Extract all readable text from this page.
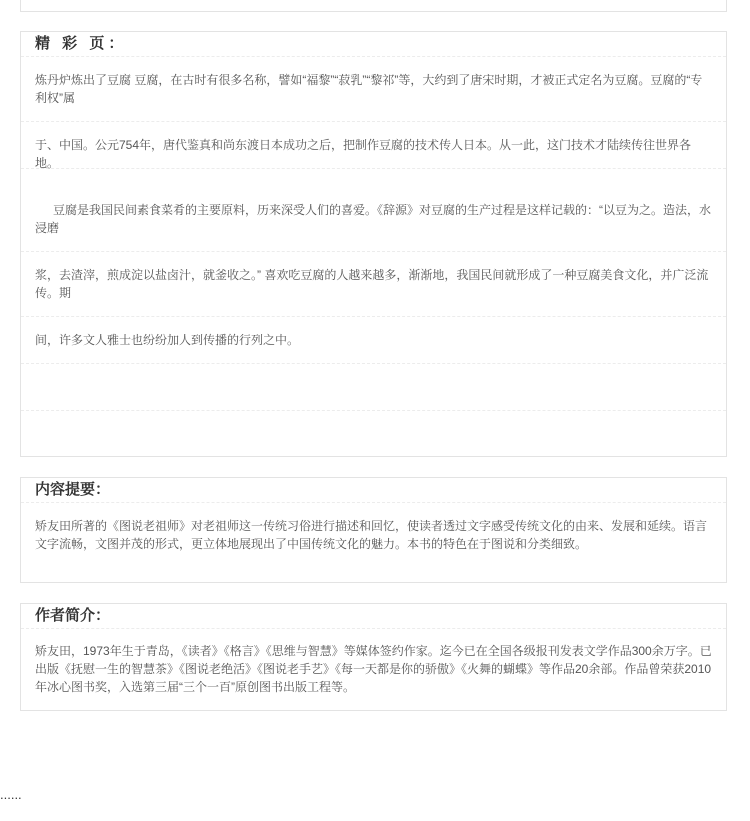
精 彩 页：
炼丹炉炼出了豆腐 豆腐，在古时有很多名称，譬如“福黎”“菽乳”“黎祁”等，大约到了唐宋时期，才被正式定名为豆腐。豆腐的“专利权”属
于、中国。公元754年，唐代鉴真和尚东渡日本成功之后，把制作豆腐的技术传人日本。从一此，这门技术才陆续传往世界各地。
豆腐是我国民间素食菜肴的主要原料，历来深受人们的喜爱。《辞源》对豆腐的生产过程是这样记载的：“以豆为之。造法，水浸磨
浆，去渣滓，煎成淀以盐卤汁，就釜收之。” 喜欢吃豆腐的人越来越多，渐渐地，我国民间就形成了一种豆腐美食文化，并广泛流传。期
间，许多文人雅士也纷纷加人到传播的行列之中。
内容提要：
矫友田所著的《图说老祖师》对老祖师这一传统习俗进行描述和回忆，使读者透过文字感受传统文化的由来、发展和延续。语言文字流畅，文图并茂的形式，更立体地展现出了中国传统文化的魅力。本书的特色在于图说和分类细致。
作者简介：
矫友田，1973年生于青岛，《读者》《格言》《思维与智慧》等媒体签约作家。迄今已在全国各级报刊发表文学作品300余万字。已出版《抚慰一生的智慧茶》《图说老绝活》《图说老手艺》《每一天都是你的骄傲》《火舞的蝴蝶》等作品20余部。作品曾荣获2010年冰心图书奖，入选第三届“三个一百”原创图书出版工程等。
......
